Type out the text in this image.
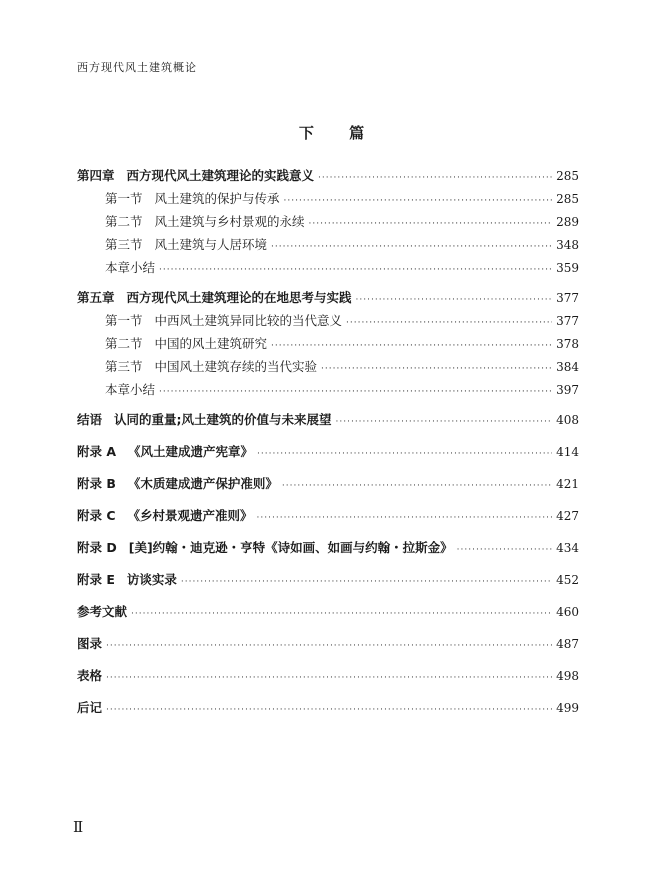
西方现代风土建筑概论
下 篇
第四章 西方现代风土建筑理论的实践意义 ·····	285
第一节 风土建筑的保护与传承 ·····	285
第二节 风土建筑与乡村景观的永续 ·····	289
第三节 风土建筑与人居环境 ·····	348
本章小结 ·····	359
第五章 西方现代风土建筑理论的在地思考与实践 ·····	377
第一节 中西风土建筑异同比较的当代意义 ·····	377
第二节 中国的风土建筑研究 ·····	378
第三节 中国风土建筑存续的当代实验 ·····	384
本章小结 ·····	397
结语 认同的重量;风土建筑的价值与未来展望 ·····	408
附录 A 《风土建成遗产宪章》 ·····	414
附录 B 《木质建成遗产保护准则》 ·····	421
附录 C 《乡村景观遗产准则》 ·····	427
附录 D [美]约翰・迪克逊・亨特《诗如画、如画与约翰・拉斯金》 ·····	434
附录 E 访谈实录 ·····	452
参考文献 ·····	460
图录 ·····	487
表格 ·····	498
后记 ·····	499
Ⅱ
